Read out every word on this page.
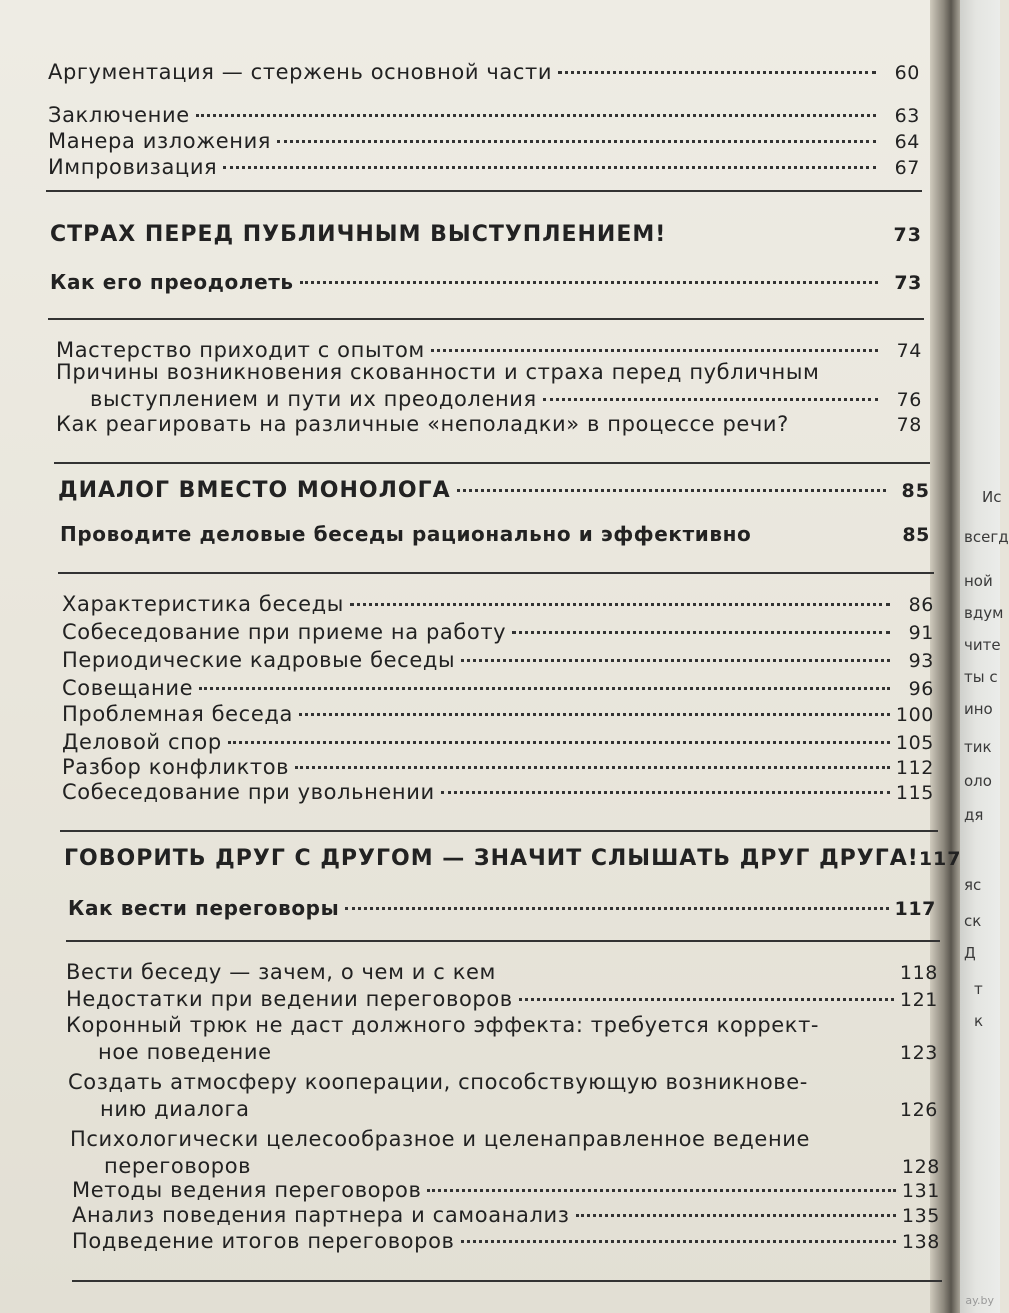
Ис
всегд
ной
вдум
чите
ты с
ино
тик
оло
дя
яс
ск
Д
т
к
Аргументация — стержень основной части	60
Заключение	63
Манера изложения	64
Импровизация	67
СТРАХ ПЕРЕД ПУБЛИЧНЫМ ВЫСТУПЛЕНИЕМ!	73
Как его преодолеть	73
Мастерство приходит с опытом	74
Причины возникновения скованности и страха перед публичным
выступлением и пути их преодоления	76
Как реагировать на различные «неполадки» в процессе речи?	78
ДИАЛОГ ВМЕСТО МОНОЛОГА	85
Проводите деловые беседы рационально и эффективно	85
Характеристика беседы	86
Собеседование при приеме на работу	91
Периодические кадровые беседы	93
Совещание	96
Проблемная беседа	100
Деловой спор	105
Разбор конфликтов	112
Собеседование при увольнении	115
ГОВОРИТЬ ДРУГ С ДРУГОМ — ЗНАЧИТ СЛЫШАТЬ ДРУГ ДРУГА! 117
Как вести переговоры	117
Вести беседу — зачем, о чем и с кем	118
Недостатки при ведении переговоров	121
Коронный трюк не даст должного эффекта: требуется коррект-
ное поведение	123
Создать атмосферу кооперации, способствующую возникнове-
нию диалога	126
Психологически целесообразное и целенаправленное ведение
переговоров	128
Методы ведения переговоров	131
Анализ поведения партнера и самоанализ	135
Подведение итогов переговоров	138
ay.by
